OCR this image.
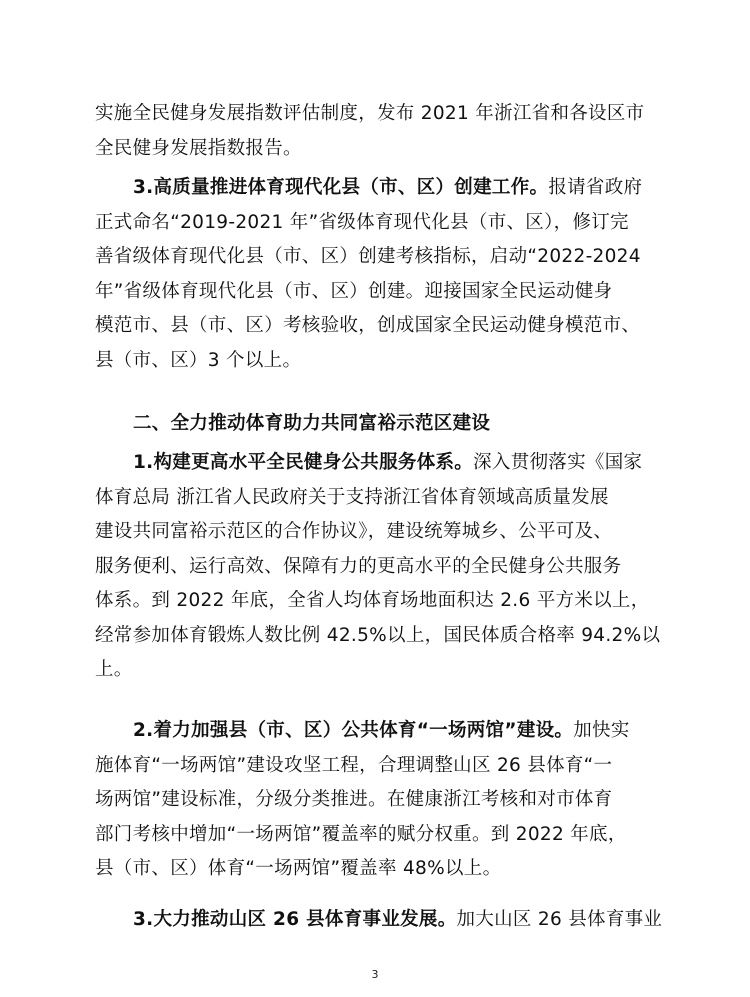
实施全民健身发展指数评估制度，发布 2021 年浙江省和各设区市
全民健身发展指数报告。
3.高质量推进体育现代化县（市、区）创建工作。报请省政府
正式命名“2019-2021 年”省级体育现代化县（市、区），修订完
善省级体育现代化县（市、区）创建考核指标，启动“2022-2024
年”省级体育现代化县（市、区）创建。迎接国家全民运动健身
模范市、县（市、区）考核验收，创成国家全民运动健身模范市、
县（市、区）3 个以上。
二、全力推动体育助力共同富裕示范区建设
1.构建更高水平全民健身公共服务体系。深入贯彻落实《国家
体育总局 浙江省人民政府关于支持浙江省体育领域高质量发展
建设共同富裕示范区的合作协议》，建设统筹城乡、公平可及、
服务便利、运行高效、保障有力的更高水平的全民健身公共服务
体系。到 2022 年底，全省人均体育场地面积达 2.6 平方米以上，
经常参加体育锻炼人数比例 42.5%以上，国民体质合格率 94.2%以
上。
2.着力加强县（市、区）公共体育“一场两馆”建设。加快实
施体育“一场两馆”建设攻坚工程，合理调整山区 26 县体育“一
场两馆”建设标准，分级分类推进。在健康浙江考核和对市体育
部门考核中增加“一场两馆”覆盖率的赋分权重。到 2022 年底，
县（市、区）体育“一场两馆”覆盖率 48%以上。
3.大力推动山区 26 县体育事业发展。加大山区 26 县体育事业
3
